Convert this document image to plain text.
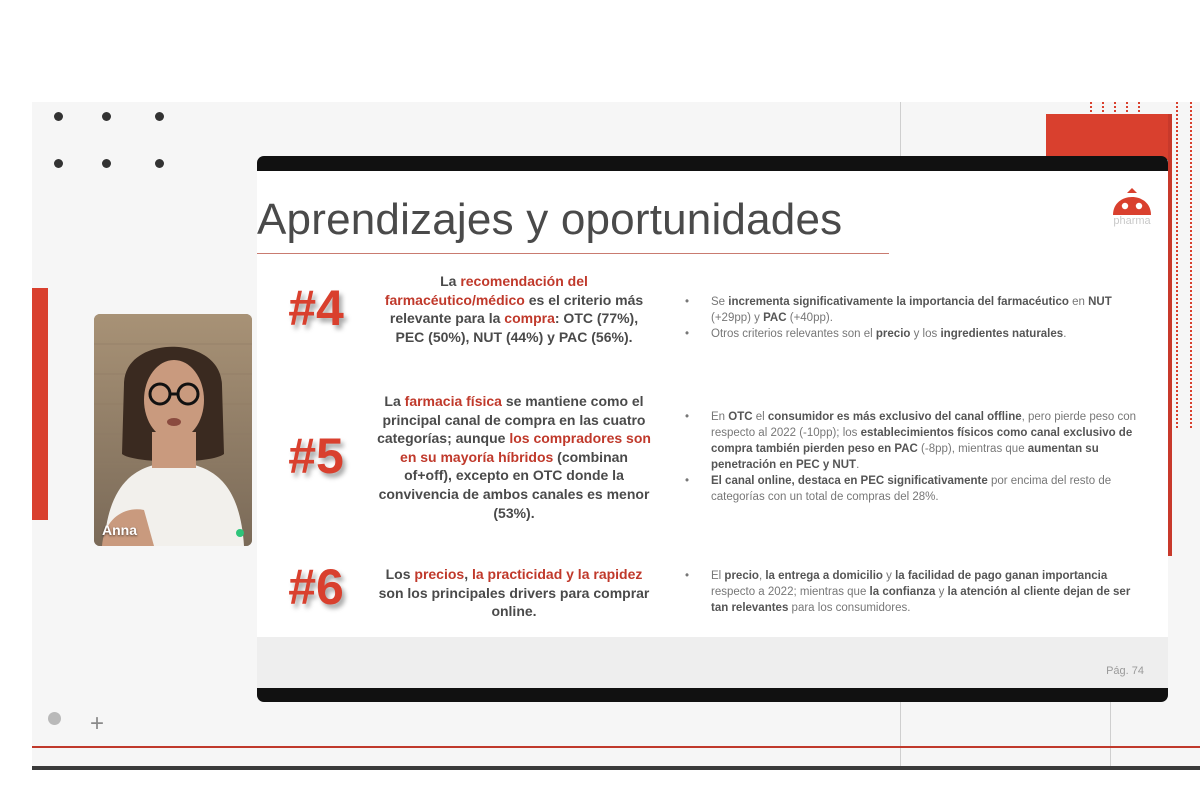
+
Aprendizajes y oportunidades	pharma
#4	La recomendación del farmacéutico/médico es el criterio más relevante para la compra: OTC (77%), PEC (50%), NUT (44%) y PAC (56%).
• Se incrementa significativamente la importancia del farmacéutico en NUT (+29pp) y PAC (+40pp).
• Otros criterios relevantes son el precio y los ingredientes naturales.
#5
La farmacia física se mantiene como el principal canal de compra en las cuatro categorías; aunque los compradores son en su mayoría híbridos (combinan of+off), excepto en OTC donde la convivencia de ambos canales es menor (53%).
• En OTC el consumidor es más exclusivo del canal offline, pero pierde peso con respecto al 2022 (-10pp); los establecimientos físicos como canal exclusivo de compra también pierden peso en PAC (-8pp), mientras que aumentan su penetración en PEC y NUT.
• El canal online, destaca en PEC significativamente por encima del resto de categorías con un total de compras del 28%.
#6	Los precios, la practicidad y la rapidez son los principales drivers para comprar online.
• El precio, la entrega a domicilio y la facilidad de pago ganan importancia respecto a 2022; mientras que la confianza y la atención al cliente dejan de ser tan relevantes para los consumidores.
Pág. 74
Anna
